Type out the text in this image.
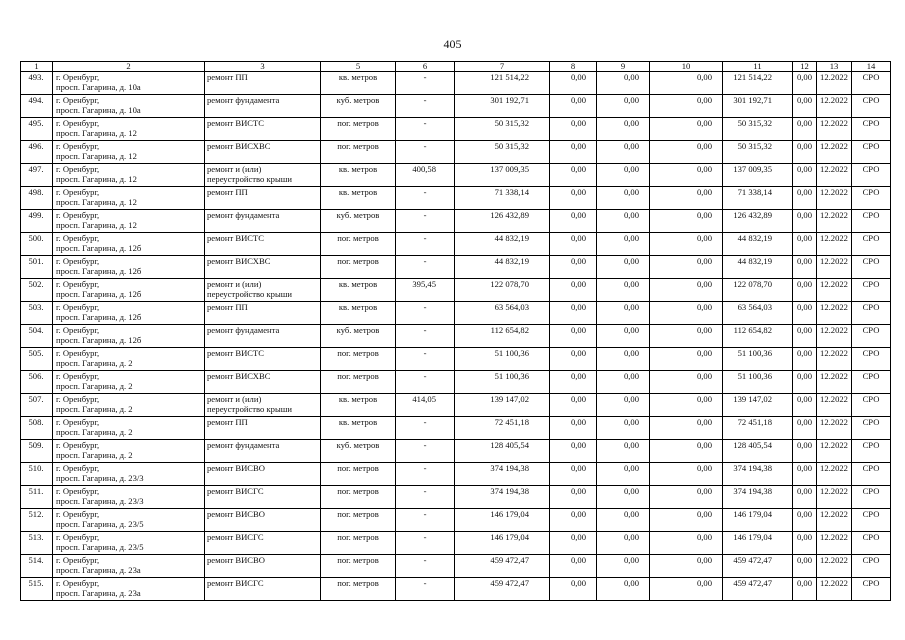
405
1	2	3	5	6	7	8	9	10	11	12	13	14
493.	г. Оренбург,
просп. Гагарина, д. 10а	ремонт ПП	кв. метров	-	121 514,22	0,00	0,00	0,00	121 514,22	0,00	12.2022	СРО
494.	г. Оренбург,
просп. Гагарина, д. 10а	ремонт фундамента	куб. метров	-	301 192,71	0,00	0,00	0,00	301 192,71	0,00	12.2022	СРО
495.	г. Оренбург,
просп. Гагарина, д. 12	ремонт ВИСТС	пог. метров	-	50 315,32	0,00	0,00	0,00	50 315,32	0,00	12.2022	СРО
496.	г. Оренбург,
просп. Гагарина, д. 12	ремонт ВИСХВС	пог. метров	-	50 315,32	0,00	0,00	0,00	50 315,32	0,00	12.2022	СРО
497.	г. Оренбург,
просп. Гагарина, д. 12	ремонт и (или)
переустройство крыши	кв. метров	400,58	137 009,35	0,00	0,00	0,00	137 009,35	0,00	12.2022	СРО
498.	г. Оренбург,
просп. Гагарина, д. 12	ремонт ПП	кв. метров	-	71 338,14	0,00	0,00	0,00	71 338,14	0,00	12.2022	СРО
499.	г. Оренбург,
просп. Гагарина, д. 12	ремонт фундамента	куб. метров	-	126 432,89	0,00	0,00	0,00	126 432,89	0,00	12.2022	СРО
500.	г. Оренбург,
просп. Гагарина, д. 12б	ремонт ВИСТС	пог. метров	-	44 832,19	0,00	0,00	0,00	44 832,19	0,00	12.2022	СРО
501.	г. Оренбург,
просп. Гагарина, д. 12б	ремонт ВИСХВС	пог. метров	-	44 832,19	0,00	0,00	0,00	44 832,19	0,00	12.2022	СРО
502.	г. Оренбург,
просп. Гагарина, д. 12б	ремонт и (или)
переустройство крыши	кв. метров	395,45	122 078,70	0,00	0,00	0,00	122 078,70	0,00	12.2022	СРО
503.	г. Оренбург,
просп. Гагарина, д. 12б	ремонт ПП	кв. метров	-	63 564,03	0,00	0,00	0,00	63 564,03	0,00	12.2022	СРО
504.	г. Оренбург,
просп. Гагарина, д. 12б	ремонт фундамента	куб. метров	-	112 654,82	0,00	0,00	0,00	112 654,82	0,00	12.2022	СРО
505.	г. Оренбург,
просп. Гагарина, д. 2	ремонт ВИСТС	пог. метров	-	51 100,36	0,00	0,00	0,00	51 100,36	0,00	12.2022	СРО
506.	г. Оренбург,
просп. Гагарина, д. 2	ремонт ВИСХВС	пог. метров	-	51 100,36	0,00	0,00	0,00	51 100,36	0,00	12.2022	СРО
507.	г. Оренбург,
просп. Гагарина, д. 2	ремонт и (или)
переустройство крыши	кв. метров	414,05	139 147,02	0,00	0,00	0,00	139 147,02	0,00	12.2022	СРО
508.	г. Оренбург,
просп. Гагарина, д. 2	ремонт ПП	кв. метров	-	72 451,18	0,00	0,00	0,00	72 451,18	0,00	12.2022	СРО
509.	г. Оренбург,
просп. Гагарина, д. 2	ремонт фундамента	куб. метров	-	128 405,54	0,00	0,00	0,00	128 405,54	0,00	12.2022	СРО
510.	г. Оренбург,
просп. Гагарина, д. 23/3	ремонт ВИСВО	пог. метров	-	374 194,38	0,00	0,00	0,00	374 194,38	0,00	12.2022	СРО
511.	г. Оренбург,
просп. Гагарина, д. 23/3	ремонт ВИСГС	пог. метров	-	374 194,38	0,00	0,00	0,00	374 194,38	0,00	12.2022	СРО
512.	г. Оренбург,
просп. Гагарина, д. 23/5	ремонт ВИСВО	пог. метров	-	146 179,04	0,00	0,00	0,00	146 179,04	0,00	12.2022	СРО
513.	г. Оренбург,
просп. Гагарина, д. 23/5	ремонт ВИСГС	пог. метров	-	146 179,04	0,00	0,00	0,00	146 179,04	0,00	12.2022	СРО
514.	г. Оренбург,
просп. Гагарина, д. 23а	ремонт ВИСВО	пог. метров	-	459 472,47	0,00	0,00	0,00	459 472,47	0,00	12.2022	СРО
515.	г. Оренбург,
просп. Гагарина, д. 23а	ремонт ВИСГС	пог. метров	-	459 472,47	0,00	0,00	0,00	459 472,47	0,00	12.2022	СРО
